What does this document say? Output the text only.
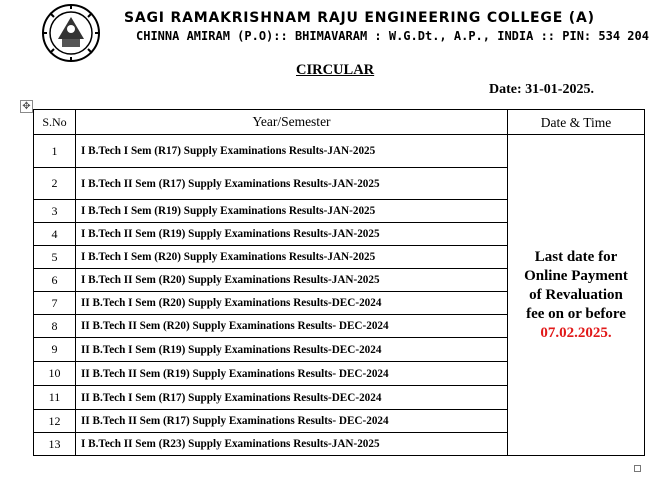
SAGI RAMAKRISHNAM RAJU ENGINEERING COLLEGE (A)
CHINNA AMIRAM (P.O):: BHIMAVARAM : W.G.Dt., A.P., INDIA :: PIN: 534 204
CIRCULAR
Date: 31-01-2025.
✥
S.No	Year/Semester	Date & Time
1	I B.Tech I Sem (R17) Supply Examinations Results-JAN-2025	Last date for
Online Payment
of Revaluation
fee on or before
07.02.2025.

2	I B.Tech II Sem (R17) Supply Examinations Results-JAN-2025	
3	I B.Tech I Sem (R19) Supply Examinations Results-JAN-2025	
4	I B.Tech II Sem (R19) Supply Examinations Results-JAN-2025	
5	I B.Tech I Sem (R20) Supply Examinations Results-JAN-2025	
6	I B.Tech II Sem (R20) Supply Examinations Results-JAN-2025	
7	II B.Tech I Sem (R20) Supply Examinations Results-DEC-2024	
8	II B.Tech II Sem (R20) Supply Examinations Results- DEC-2024	
9	II B.Tech I Sem (R19) Supply Examinations Results-DEC-2024	
10	II B.Tech II Sem (R19) Supply Examinations Results- DEC-2024	
11	II B.Tech I Sem (R17) Supply Examinations Results-DEC-2024	
12	II B.Tech II Sem (R17) Supply Examinations Results- DEC-2024	
13	I B.Tech II Sem (R23) Supply Examinations Results-JAN-2025	
